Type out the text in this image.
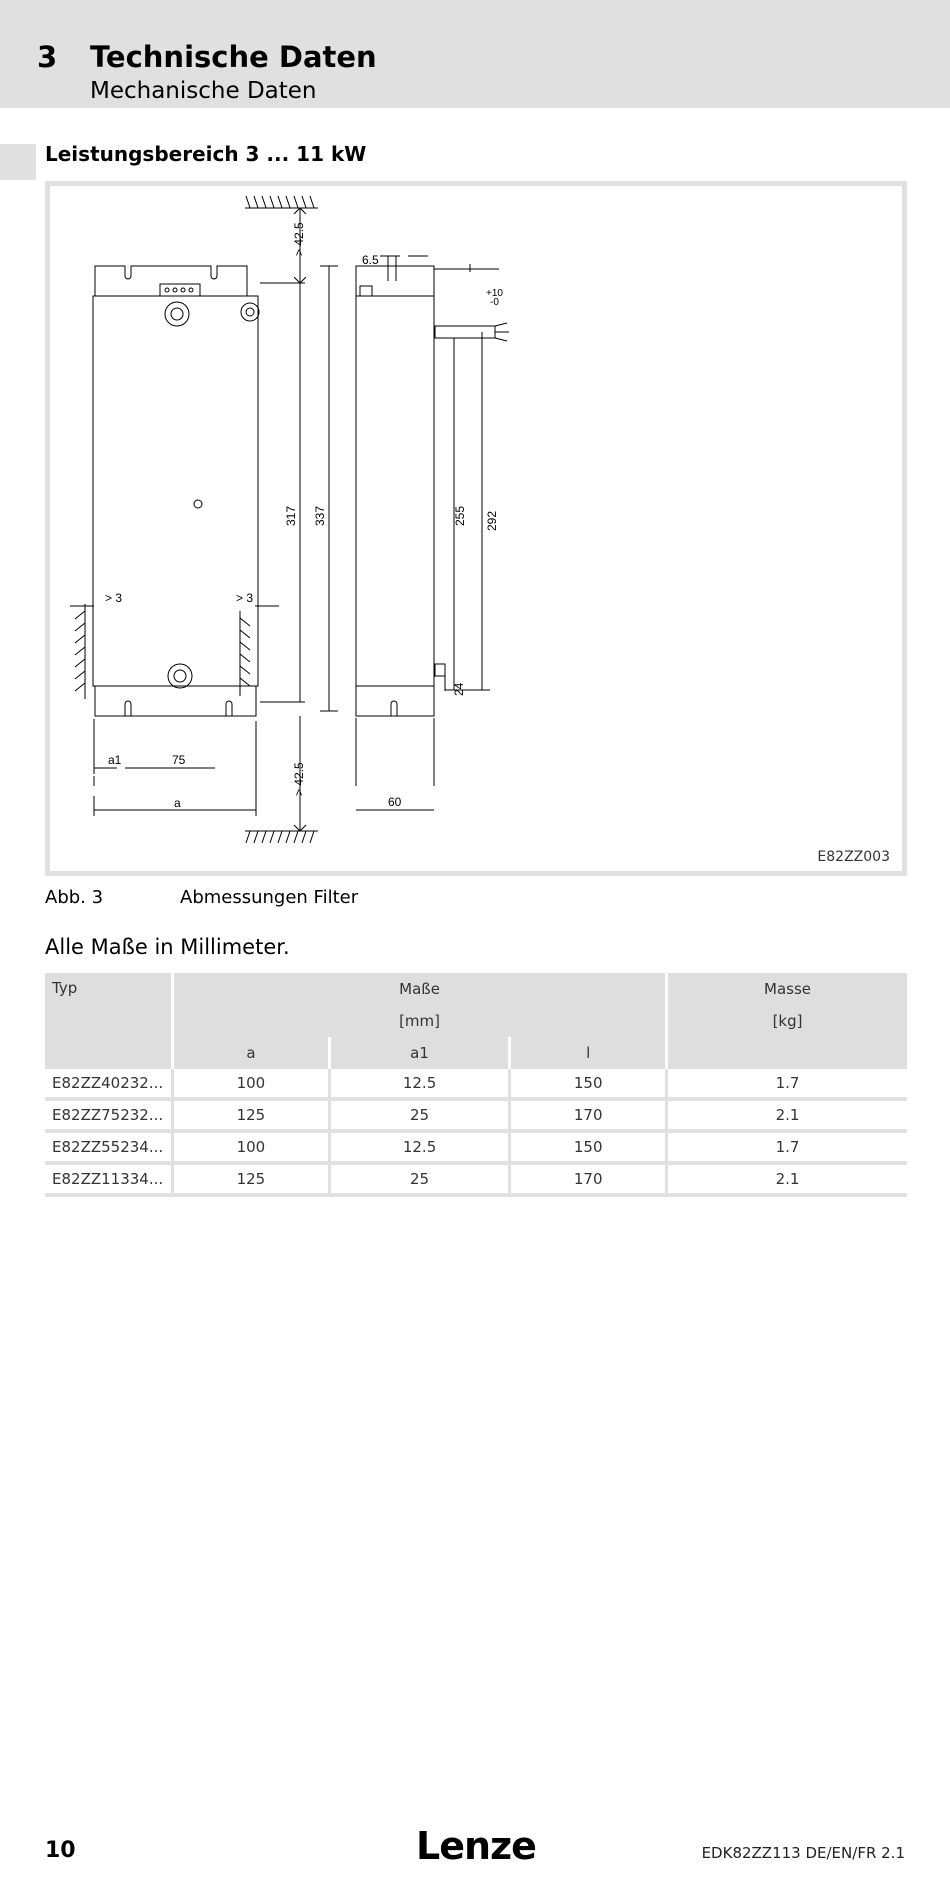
3 Technische Daten
Mechanische Daten
Leistungsbereich 3 ... 11 kW
> 42.5
317 337
> 42.5
> 3	> 3
a1	75
a
6.5
+10
-0
255 292
24
60
E82ZZ003
Abb. 3	Abmessungen Filter
Alle Maße in Millimeter.
Typ	Maße			Masse
	[mm]			[kg]
	a	a1	l	
E82ZZ40232...	100	12.5	150	1.7
E82ZZ75232...	125	25	170	2.1
E82ZZ55234...	100	12.5	150	1.7
E82ZZ11334...	125	25	170	2.1
10	Lenze	EDK82ZZ113 DE/EN/FR 2.1
